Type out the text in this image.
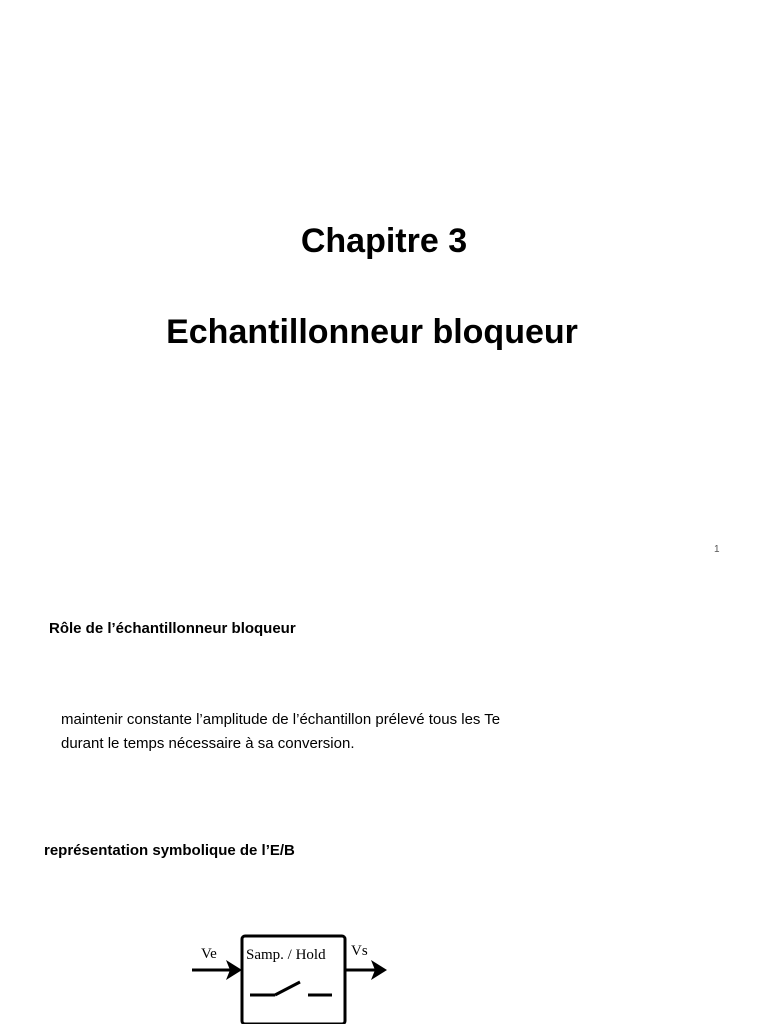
Chapitre 3
Echantillonneur bloqueur
1
Rôle de l’échantillonneur bloqueur

maintenir constante l’amplitude de l’échantillon prélevé tous les Te
durant le temps nécessaire à sa conversion.

représentation symbolique de l’E/B
Ve Samp. / Hold Vs
